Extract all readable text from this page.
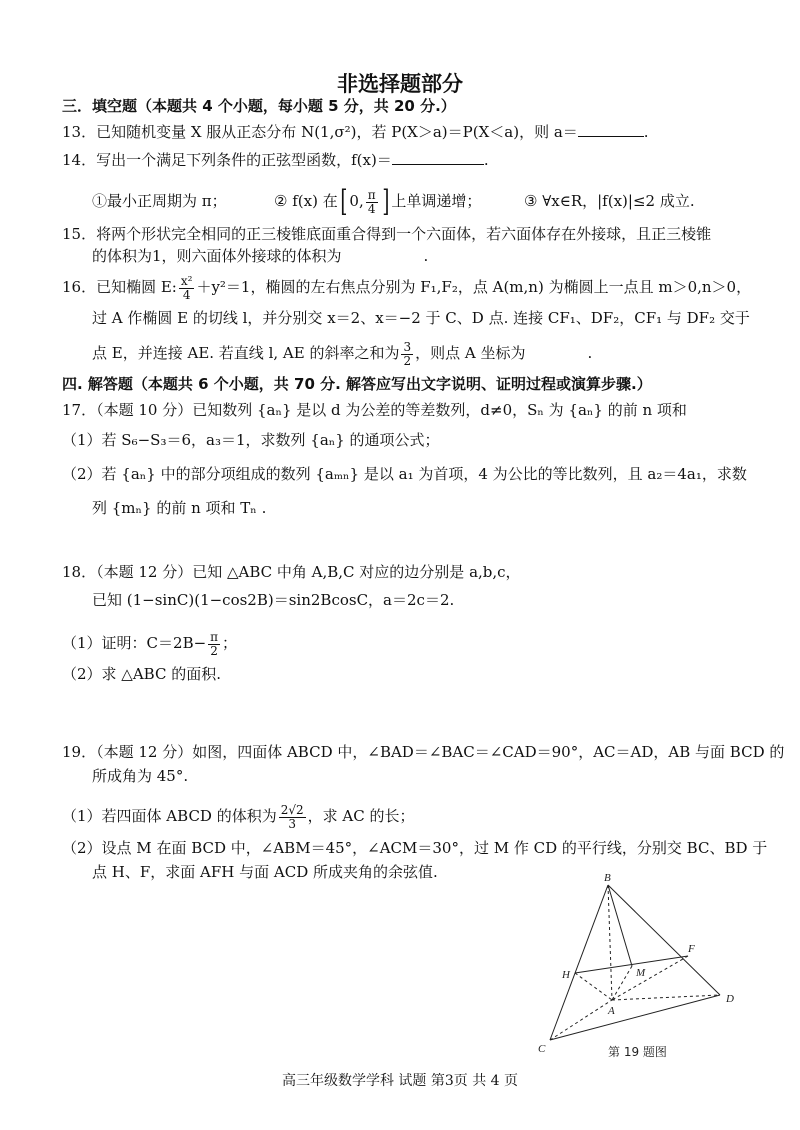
非选择题部分
三．填空题（本题共 4 个小题，每小题 5 分，共 20 分.）
13．已知随机变量 X 服从正态分布 N(1,σ²)，若 P(X＞a)＝P(X＜a)，则 a＝	.
14．写出一个满足下列条件的正弦型函数，f(x)＝	.
①最小正周期为 π；	② f(x) 在[ 0, $\frac{\pi}{4}$ ] 上单调递增；	③ ∀x∈R，|f(x)|≤2 成立.
15．将两个形状完全相同的正三棱锥底面重合得到一个六面体，若六面体存在外接球，且正三棱锥
的体积为1，则六面体外接球的体积为	.
16．已知椭圆 E: $\frac{\text{x²}}{4} +y^2=1$，椭圆的左右焦点分别为 F₁,F₂，点 A(m,n) 为椭圆上一点且 m＞0,n＞0，
过 A 作椭圆 E 的切线 l，并分别交 x＝2、x＝−2 于 C、D 点. 连接 CF₁、DF₂，CF₁ 与 DF₂ 交于
点 E，并连接 AE. 若直线 l, AE 的斜率之和为 $\frac{3}{2}$ ，则点 A 坐标为	.
四. 解答题（本题共 6 个小题，共 70 分. 解答应写出文字说明、证明过程或演算步骤.）
17．（本题 10 分）已知数列 {aₙ} 是以 d 为公差的等差数列，d≠0，Sₙ 为 {aₙ} 的前 n 项和
（1）若 S₆−S₃＝6，a₃＝1，求数列 {aₙ} 的通项公式；
（2）若 {aₙ} 中的部分项组成的数列 {aₘₙ} 是以 a₁ 为首项，4 为公比的等比数列，且 a₂＝4a₁，求数
列 {mₙ} 的前 n 项和 Tₙ .
18．（本题 12 分）已知 △ABC 中角 A,B,C 对应的边分别是 a,b,c，
已知 (1−sinC)(1−cos2B)＝sin2BcosC，a＝2c＝2.
（1）证明：$C=2B- \frac{\pi}{2}$ ；
（2）求 △ABC 的面积.
19．（本题 12 分）如图，四面体 ABCD 中，∠BAD＝∠BAC＝∠CAD＝90°，AC＝AD，AB 与面 BCD 的
所成角为 45°.
（1）若四面体 ABCD 的体积为 $\frac{2√2}{3}$ ，求 AC 的长；
（2）设点 M 在面 BCD 中，∠ABM＝45°，∠ACM＝30°，过 M 作 CD 的平行线，分别交 BC、BD 于
点 H、F，求面 AFH 与面 ACD 所成夹角的余弦值.	B
F
H	M
A
D
C	第 19 题图
高三年级数学学科 试题 第3页 共 4 页
